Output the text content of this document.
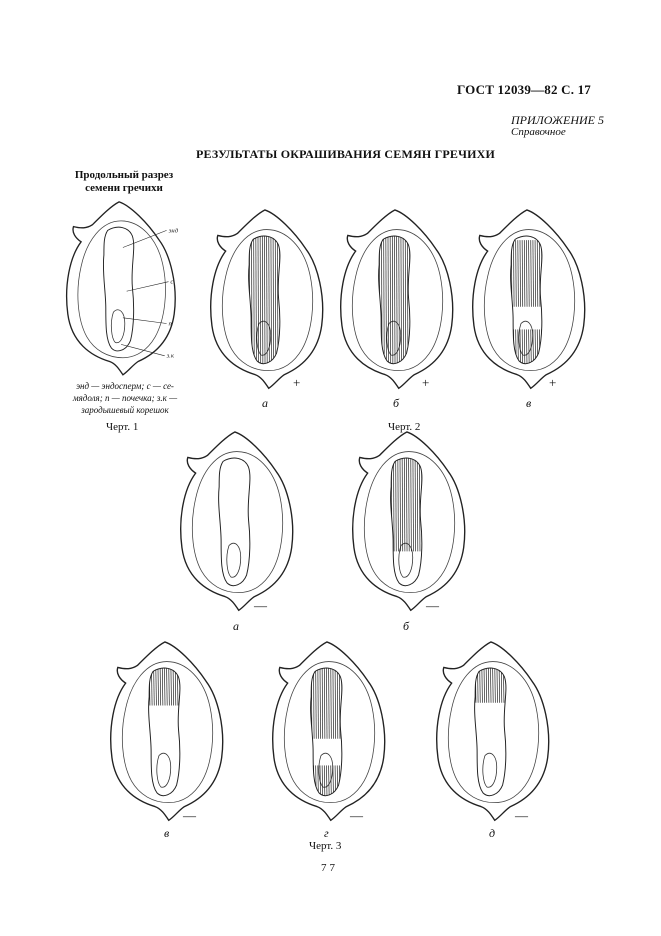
ГОСТ 12039—82 С. 17
ПРИЛОЖЕНИЕ 5
Справочное
РЕЗУЛЬТАТЫ ОКРАШИВАНИЯ СЕМЯН ГРЕЧИХИ
Продольный разрез
семени гречихи
энд
с
п
з.к
энд — эндосперм; с — се-
мядоля; п — почечка; з.к —
зародышевый корешок
Черт. 1
а
+
б
+
в
+
Черт. 2
а
—
б
—
в
—
г
—
д
—
Черт. 3
77
